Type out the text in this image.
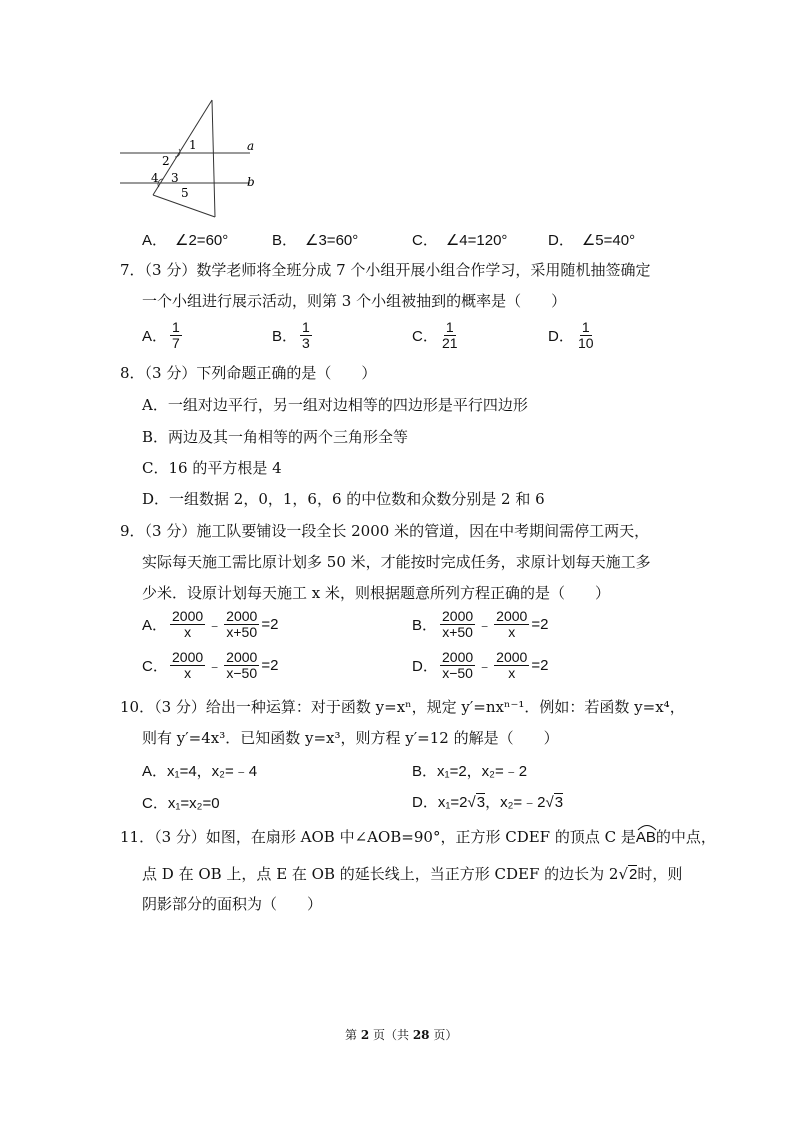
1
2
3
4
5
a
b
A． ∠2=60°	B． ∠3=60°	C． ∠4=120°	D． ∠5=40°
7．（3 分）数学老师将全班分成 7 个小组开展小组合作学习，采用随机抽签确定
一个小组进行展示活动，则第 3 个小组被抽到的概率是（　　）
A． $\frac{1}{7}$	B． $\frac{1}{3}$	C． $\frac{1}{21}$	D． $\frac{1}{10}$
8．（3 分）下列命题正确的是（　　）
A．一组对边平行，另一组对边相等的四边形是平行四边形
B．两边及其一角相等的两个三角形全等
C．16 的平方根是 4
D．一组数据 2，0，1，6，6 的中位数和众数分别是 2 和 6
9．（3 分）施工队要铺设一段全长 2000 米的管道，因在中考期间需停工两天，
实际每天施工需比原计划多 50 米，才能按时完成任务，求原计划每天施工多
少米．设原计划每天施工 x 米，则根据题意所列方程正确的是（　　）
A． $\frac{2000}{x}$ ﹣ $\frac{2000}{x+50} =2$	B． $\frac{2000}{x+50}$ ﹣ $\frac{2000}{x} =2$
C． $\frac{2000}{x}$ ﹣ $\frac{2000}{x-50} =2$	D． $\frac{2000}{x-50}$ ﹣ $\frac{2000}{x} =2$
10．（3 分）给出一种运算：对于函数 y=xⁿ，规定 y′=nxⁿ⁻¹．例如：若函数 y=x⁴，
则有 y′=4x³．已知函数 y=x³，则方程 y′=12 的解是（　　）
A．x₁=4，x₂=﹣4	B．x₁=2，x₂=﹣2
C．x₁=x₂=0	D．x₁=2√3，x₂=﹣2√3
11．（3 分）如图，在扇形 AOB 中∠AOB=90°，正方形 CDEF 的顶点 C 是
AB的中点，
点 D 在 OB 上，点 E 在 OB 的延长线上，当正方形 CDEF 的边长为 2√2时，则
阴影部分的面积为（　　）
第 2 页（共 28 页）
